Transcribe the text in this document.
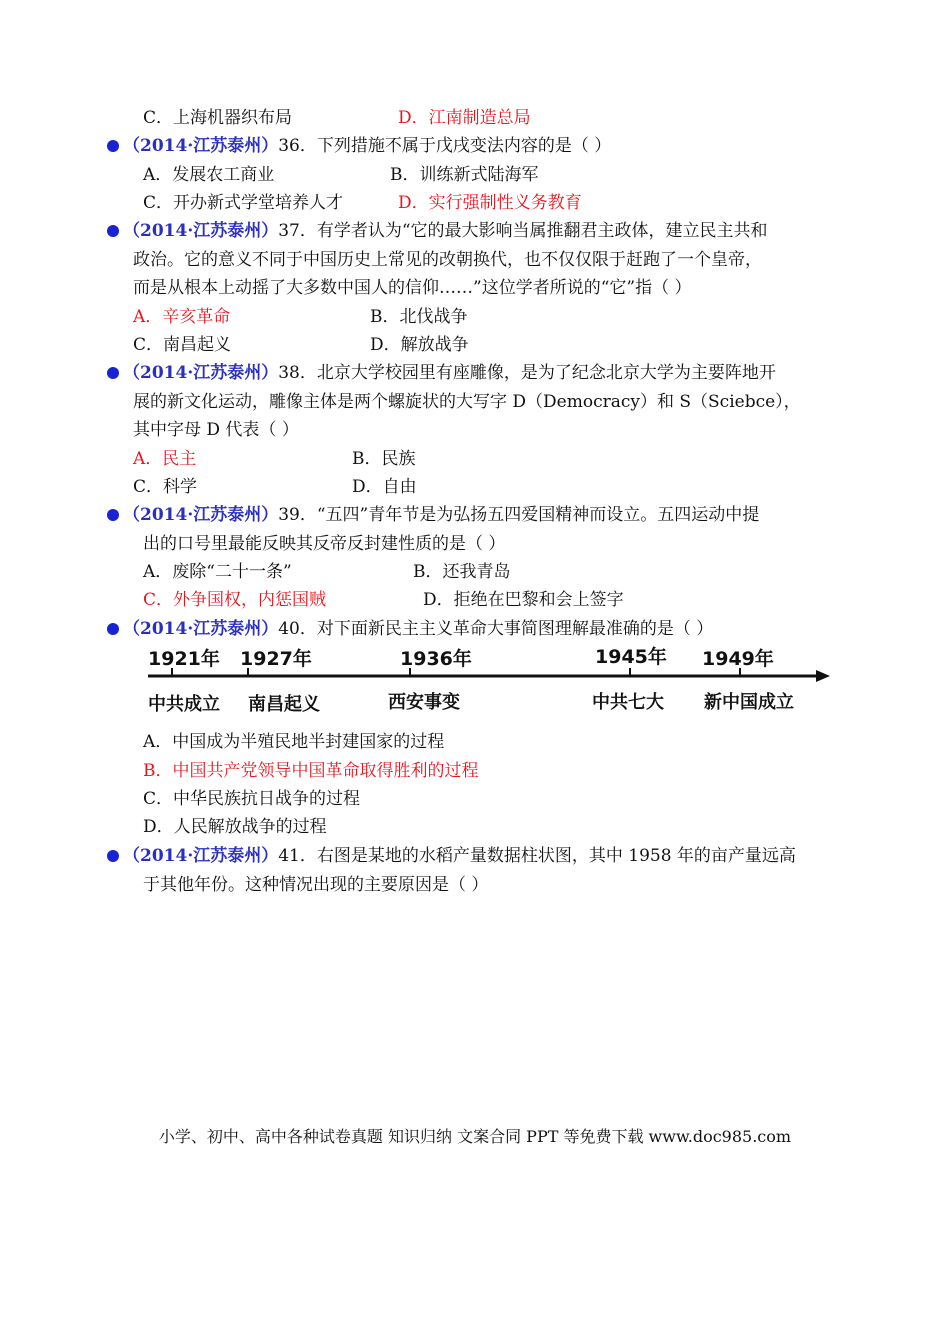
C．上海机器织布局	D．江南制造总局
（2014·江苏泰州）36．下列措施不属于戊戌变法内容的是（ ）
A．发展农工商业	B．训练新式陆海军
C．开办新式学堂培养人才	D．实行强制性义务教育
（2014·江苏泰州）37．有学者认为“它的最大影响当属推翻君主政体，建立民主共和
政治。它的意义不同于中国历史上常见的改朝换代，也不仅仅限于赶跑了一个皇帝，
而是从根本上动摇了大多数中国人的信仰……”这位学者所说的“它”指（ ）
A．辛亥革命	B．北伐战争
C．南昌起义	D．解放战争
（2014·江苏泰州）38．北京大学校园里有座雕像，是为了纪念北京大学为主要阵地开
展的新文化运动，雕像主体是两个螺旋状的大写字 D（Democracy）和 S（Sciebce），
其中字母 D 代表（ ）
A．民主	B．民族
C．科学	D．自由
（2014·江苏泰州）39．“五四”青年节是为弘扬五四爱国精神而设立。五四运动中提
出的口号里最能反映其反帝反封建性质的是（ ）
A．废除“二十一条”	B．还我青岛
C．外争国权，内惩国贼	D．拒绝在巴黎和会上签字
（2014·江苏泰州）40．对下面新民主主义革命大事简图理解最准确的是（ ）
1921年 1927年	1936年	1945年 1949年
中共成立 南昌起义	西安事变	中共七大 新中国成立
A．中国成为半殖民地半封建国家的过程
B．中国共产党领导中国革命取得胜利的过程
C．中华民族抗日战争的过程
D．人民解放战争的过程
（2014·江苏泰州）41．右图是某地的水稻产量数据柱状图，其中 1958 年的亩产量远高
于其他年份。这种情况出现的主要原因是（ ）
小学、初中、高中各种试卷真题 知识归纳 文案合同 PPT 等免费下载 www.doc985.com
